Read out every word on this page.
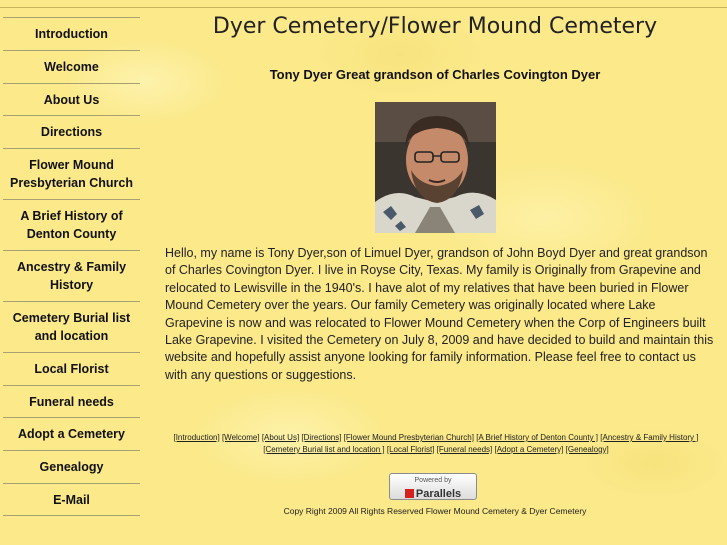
Introduction
Welcome
About Us
Directions
Flower Mound Presbyterian Church
A Brief History of Denton County
Ancestry & Family History
Cemetery Burial list and location
Local Florist
Funeral needs
Adopt a Cemetery
Genealogy
E-Mail
Dyer Cemetery/Flower Mound Cemetery
Tony Dyer Great grandson of Charles Covington Dyer

Hello, my name is Tony Dyer,son of Limuel Dyer, grandson of John Boyd Dyer and great grandson of Charles Covington Dyer. I live in Royse City, Texas. My family is Originally from Grapevine and relocated to Lewisville in the 1940's. I have alot of my relatives that have been buried in Flower Mound Cemetery over the years. Our family Cemetery was originally located where Lake Grapevine is now and was relocated to Flower Mound Cemetery when the Corp of Engineers built Lake Grapevine. I visited the Cemetery on July 8, 2009 and have decided to build and maintain this website and hopefully assist anyone looking for family information. Please feel free to contact us with any questions or suggestions.

[Introduction] [Welcome] [About Us] [Directions] [Flower Mound Presbyterian Church] [A Brief History of Denton County ] [Ancestry & Family History ]
[Cemetery Burial list and location ] [Local Florist] [Funeral needs] [Adopt a Cemetery] [Genealogy]
Powered by
Parallels
Copy Right 2009 All Rights Reserved Flower Mound Cemetery & Dyer Cemetery
